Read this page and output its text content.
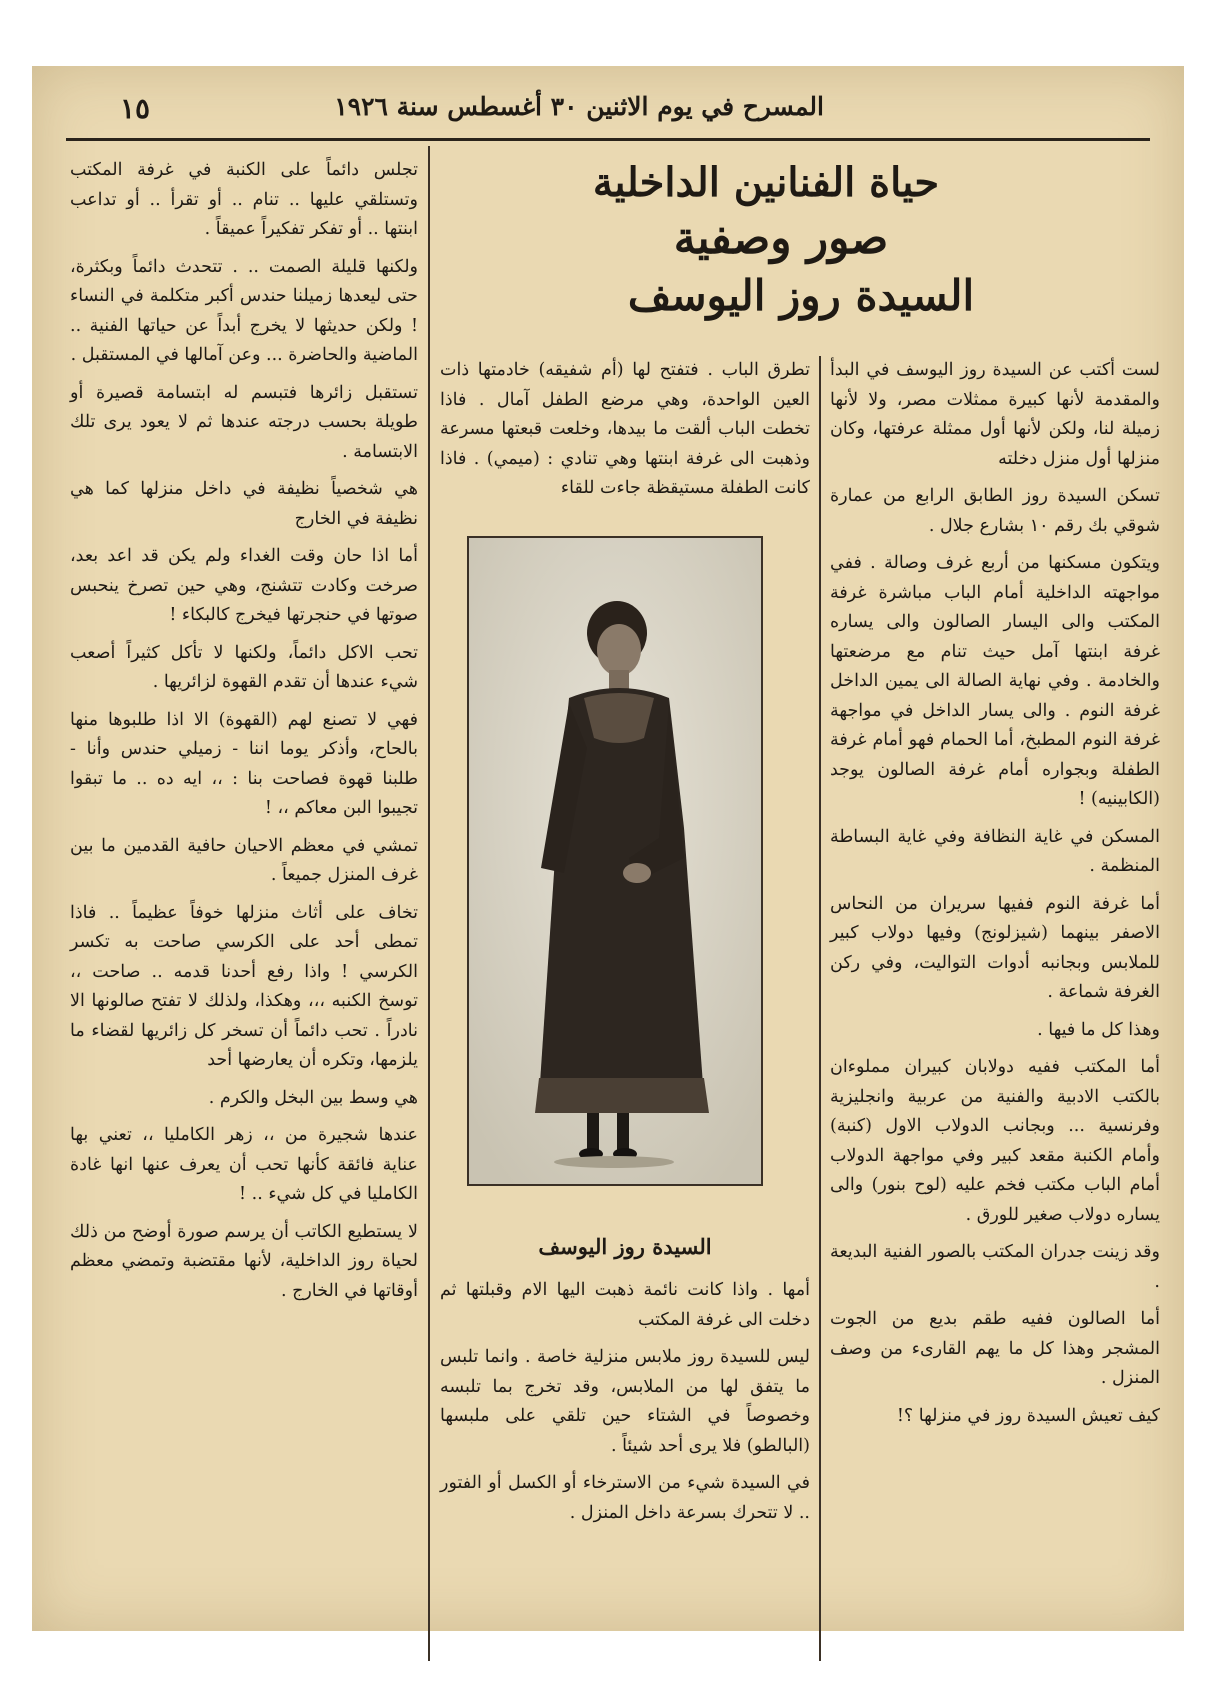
١٥	المسرح في يوم الاثنين ٣٠ أغسطس سنة ١٩٢٦
حياة الفنانين الداخلية
صور وصفية
السيدة روز اليوسف

لست أكتب عن السيدة روز اليوسف في البدأ والمقدمة لأنها كبيرة ممثلات مصر، ولا لأنها زميلة لنا، ولكن لأنها أول ممثلة عرفتها، وكان منزلها أول منزل دخلته

تسكن السيدة روز الطابق الرابع من عمارة شوقي بك رقم ١٠ بشارع جلال .

ويتكون مسكنها من أربع غرف وصالة . ففي مواجهته الداخلية أمام الباب مباشرة غرفة المكتب والى اليسار الصالون والى يساره غرفة ابنتها آمل حيث تنام مع مرضعتها والخادمة . وفي نهاية الصالة الى يمين الداخل غرفة النوم . والى يسار الداخل في مواجهة غرفة النوم المطبخ، أما الحمام فهو أمام غرفة الطفلة وبجواره أمام غرفة الصالون يوجد (الكابينيه) !

المسكن في غاية النظافة وفي غاية البساطة المنظمة .

أما غرفة النوم ففيها سريران من النحاس الاصفر بينهما (شيزلونج) وفيها دولاب كبير للملابس وبجانبه أدوات التواليت، وفي ركن الغرفة شماعة .

وهذا كل ما فيها .

أما المكتب ففيه دولابان كبيران مملوءان بالكتب الادبية والفنية من عربية وانجليزية وفرنسية ... وبجانب الدولاب الاول (كنبة) وأمام الكنبة مقعد كبير وفي مواجهة الدولاب أمام الباب مكتب فخم عليه (لوح بنور) والى يساره دولاب صغير للورق .

وقد زينت جدران المكتب بالصور الفنية البديعة .

أما الصالون ففيه طقم بديع من الجوت المشجر وهذا كل ما يهم القارىء من وصف المنزل .

كيف تعيش السيدة روز في منزلها ؟!

تطرق الباب . فتفتح لها (أم شفيقه) خادمتها ذات العين الواحدة، وهي مرضع الطفل آمال . فاذا تخطت الباب ألقت ما بيدها، وخلعت قبعتها مسرعة وذهبت الى غرفة ابنتها وهي تنادي : (ميمي) . فاذا كانت الطفلة مستيقظة جاءت للقاء

السيدة روز اليوسف

أمها . واذا كانت نائمة ذهبت اليها الام وقبلتها ثم دخلت الى غرفة المكتب

ليس للسيدة روز ملابس منزلية خاصة . وانما تلبس ما يتفق لها من الملابس، وقد تخرج بما تلبسه وخصوصاً في الشتاء حين تلقي على ملبسها (البالطو) فلا يرى أحد شيئاً .

في السيدة شيء من الاسترخاء أو الكسل أو الفتور .. لا تتحرك بسرعة داخل المنزل .

تجلس دائماً على الكنبة في غرفة المكتب وتستلقي عليها .. تنام .. أو تقرأ .. أو تداعب ابنتها .. أو تفكر تفكيراً عميقاً .

ولكنها قليلة الصمت .. . تتحدث دائماً وبكثرة، حتى ليعدها زميلنا حندس أكبر متكلمة في النساء ! ولكن حديثها لا يخرج أبداً عن حياتها الفنية .. الماضية والحاضرة ... وعن آمالها في المستقبل .

تستقبل زائرها فتبسم له ابتسامة قصيرة أو طويلة بحسب درجته عندها ثم لا يعود يرى تلك الابتسامة .

هي شخصياً نظيفة في داخل منزلها كما هي نظيفة في الخارج

أما اذا حان وقت الغداء ولم يكن قد اعد بعد، صرخت وكادت تتشنج، وهي حين تصرخ ينحبس صوتها في حنجرتها فيخرج كالبكاء !

تحب الاكل دائماً، ولكنها لا تأكل كثيراً أصعب شيء عندها أن تقدم القهوة لزائريها .

فهي لا تصنع لهم (القهوة) الا اذا طلبوها منها بالحاح، وأذكر يوما اننا - زميلي حندس وأنا - طلبنا قهوة فصاحت بنا : ،، ايه ده .. ما تبقوا تجيبوا البن معاكم ،، !

تمشي في معظم الاحيان حافية القدمين ما بين غرف المنزل جميعاً .

تخاف على أثاث منزلها خوفاً عظيماً .. فاذا تمطى أحد على الكرسي صاحت به تكسر الكرسي ! واذا رفع أحدنا قدمه .. صاحت ،، توسخ الكنبه ،،، وهكذا، ولذلك لا تفتح صالونها الا نادراً . تحب دائماً أن تسخر كل زائريها لقضاء ما يلزمها، وتكره أن يعارضها أحد

هي وسط بين البخل والكرم .

عندها شجيرة من ،، زهر الكامليا ،، تعني بها عناية فائقة كأنها تحب أن يعرف عنها انها غادة الكامليا في كل شيء .. !

لا يستطيع الكاتب أن يرسم صورة أوضح من ذلك لحياة روز الداخلية، لأنها مقتضبة وتمضي معظم أوقاتها في الخارج .
